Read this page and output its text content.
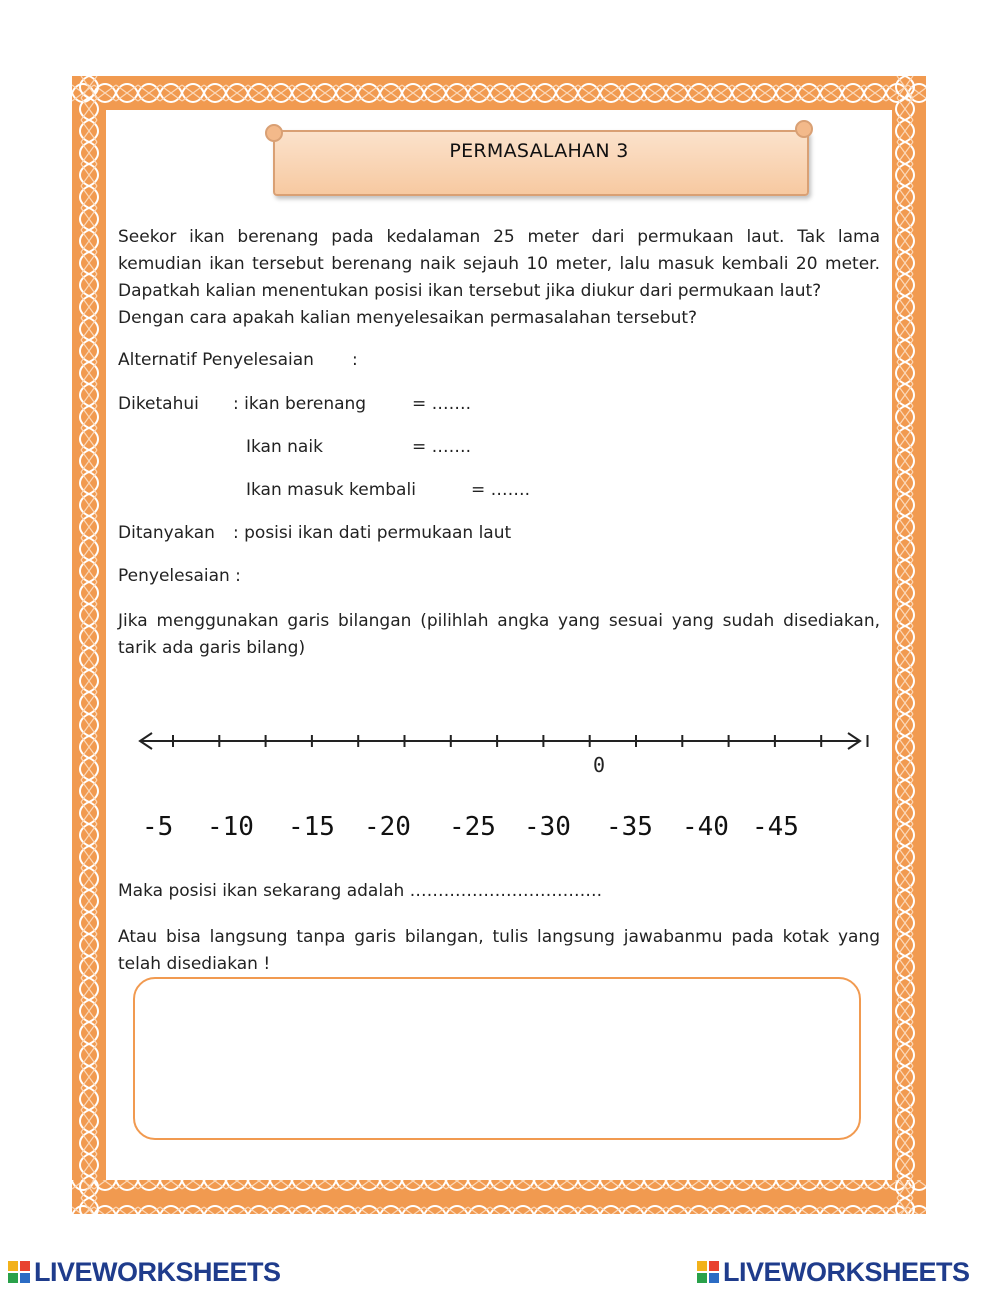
PERMASALAHAN 3
Seekor ikan berenang pada kedalaman 25 meter dari permukaan laut. Tak lama kemudian ikan tersebut berenang naik sejauh 10 meter, lalu masuk kembali 20 meter. Dapatkah kalian menentukan posisi ikan tersebut jika diukur dari permukaan laut?
Dengan cara apakah kalian menyelesaikan permasalahan tersebut?
Alternatif Penyelesaian :
Diketahui : ikan berenang	= …….
Ikan naik	= …….
Ikan masuk kembali	= …….
Ditanyakan : posisi ikan dati permukaan laut
Penyelesaian :
Jika menggunakan garis bilangan (pilihlah angka yang sesuai yang sudah disediakan, tarik ada garis bilang)
0
-5 -10 -15 -20 -25 -30 -35 -40 -45
Maka posisi ikan sekarang adalah …………………………….
Atau bisa langsung tanpa garis bilangan, tulis langsung jawabanmu pada kotak yang telah disediakan !
LIVEWORKSHEETS	LIVEWORKSHEETS
